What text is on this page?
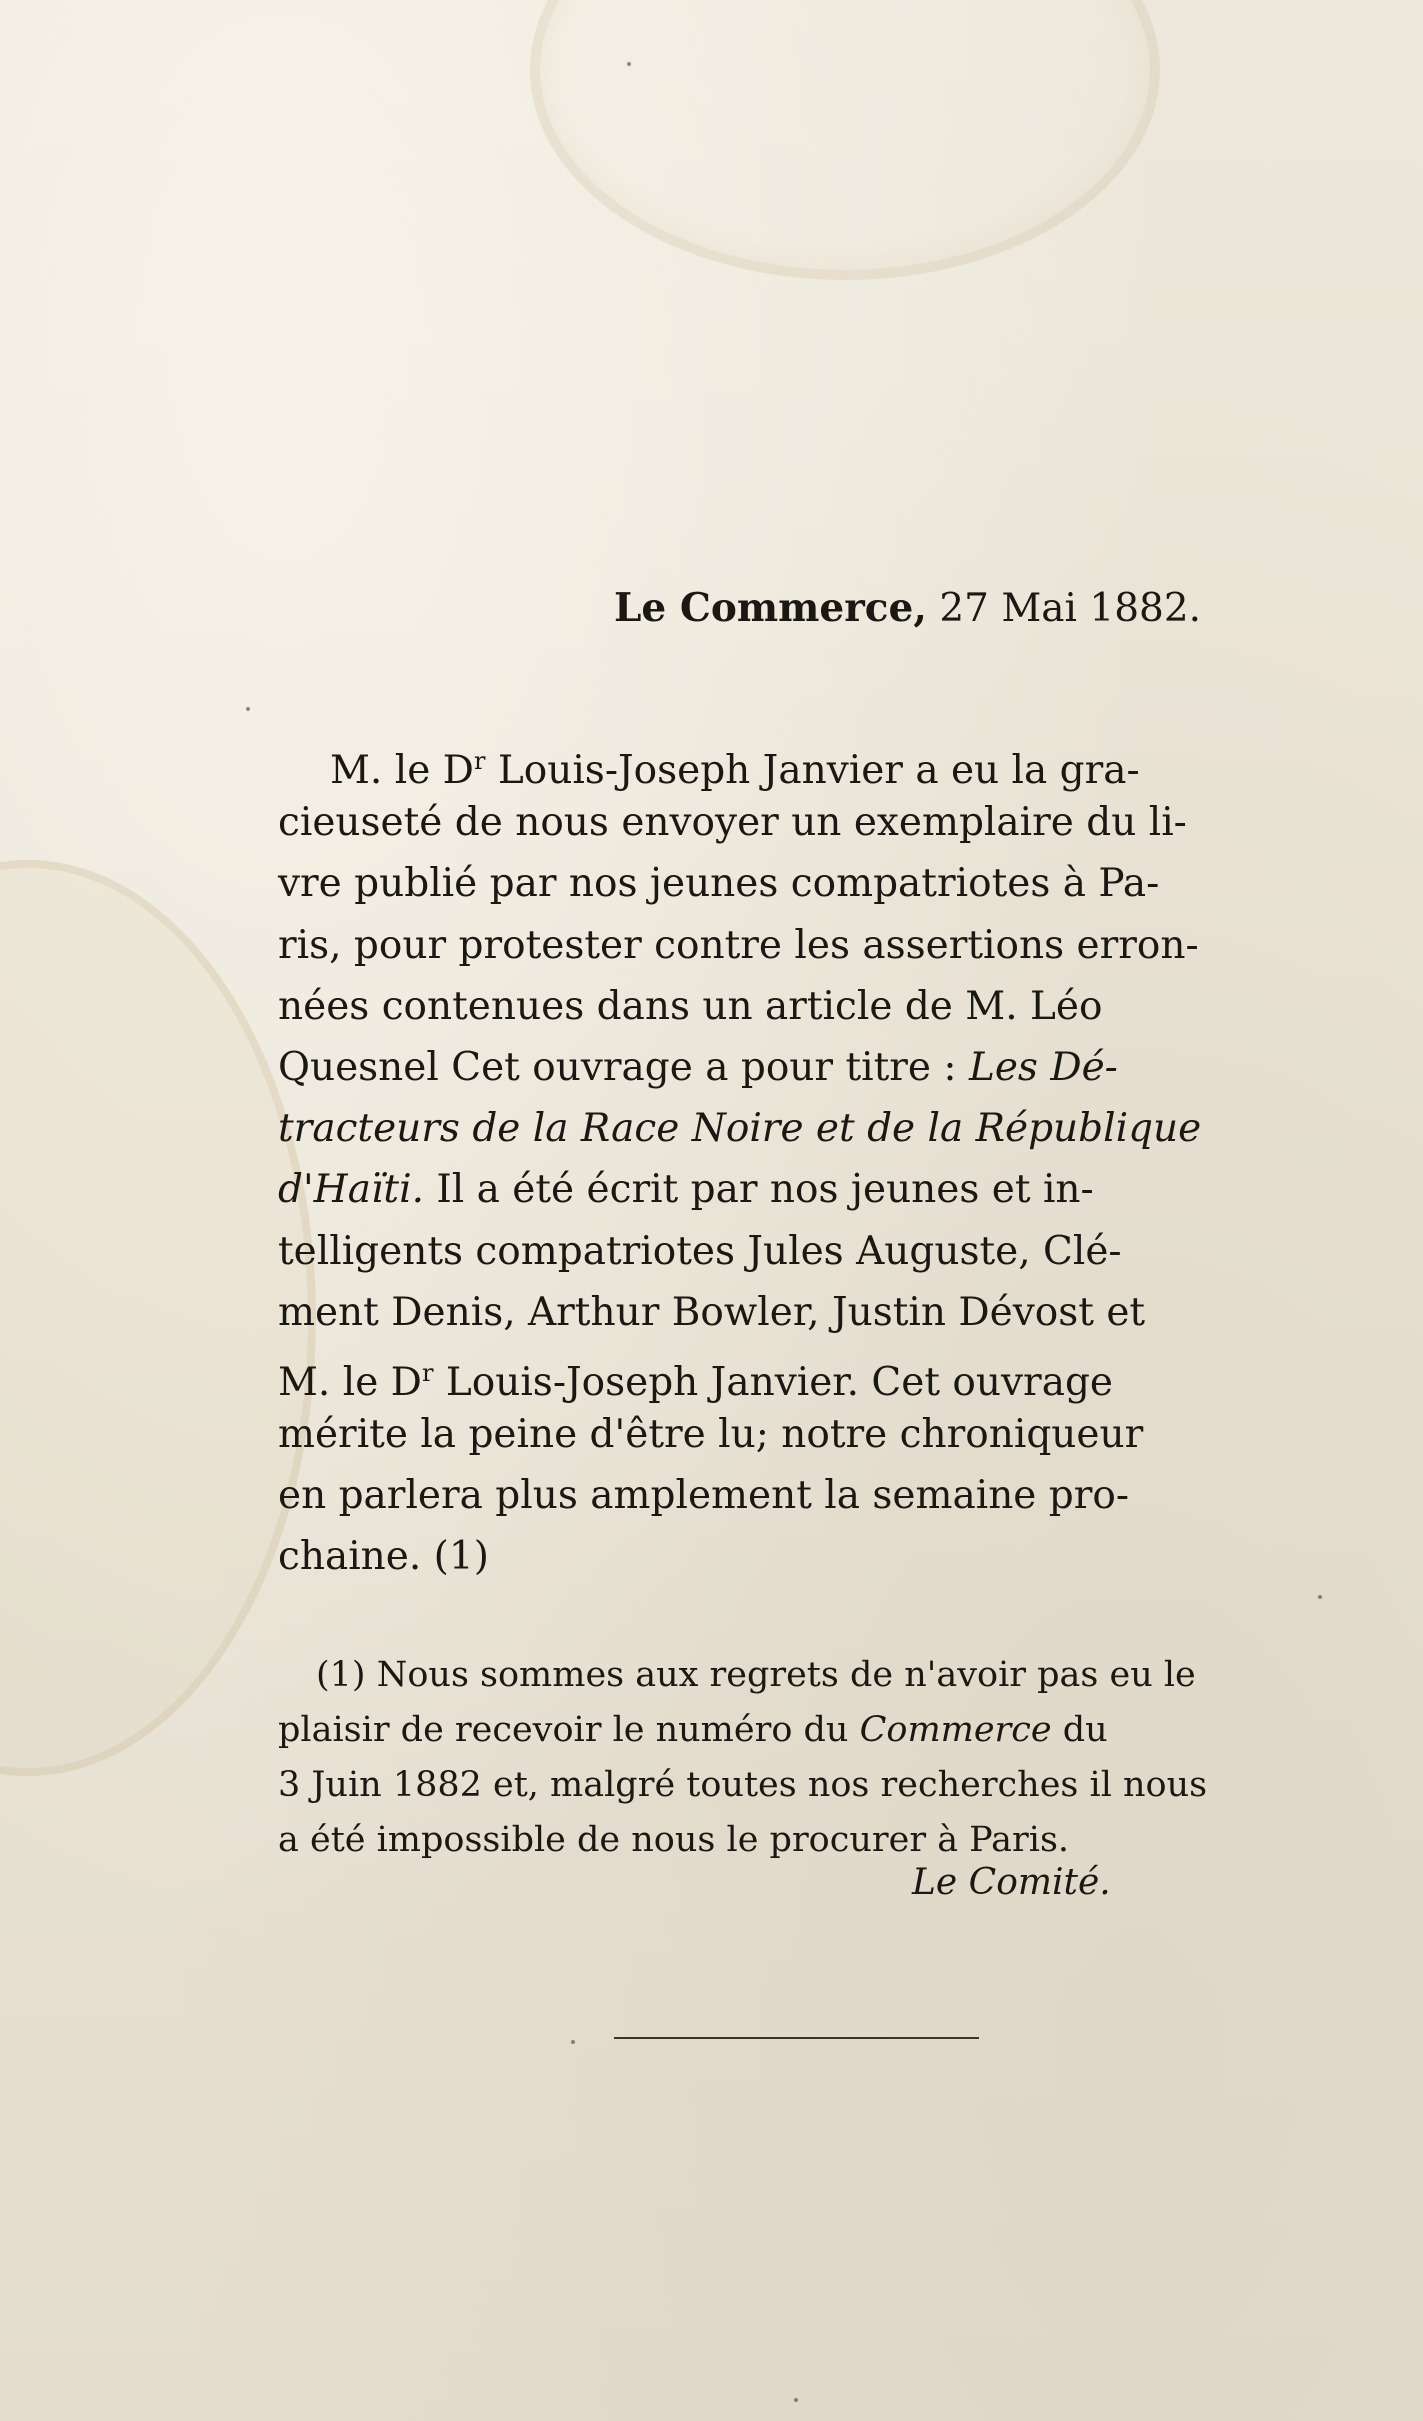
Le Commerce, 27 Mai 1882.
M. le $D^r$ Louis-Joseph Janvier a eu la gra-
cieuseté de nous envoyer un exemplaire du li-
vre publié par nos jeunes compatriotes à Pa-
ris, pour protester contre les assertions erron-
nées contenues dans un article de M. Léo
Quesnel Cet ouvrage a pour titre : Les Dé-
tracteurs de la Race Noire et de la République
d'Haïti. Il a été écrit par nos jeunes et in-
telligents compatriotes Jules Auguste, Clé-
ment Denis, Arthur Bowler, Justin Dévost et
M. le $D^r$ Louis-Joseph Janvier. Cet ouvrage
mérite la peine d'être lu; notre chroniqueur
en parlera plus amplement la semaine pro-
chaine. (1)
(1) Nous sommes aux regrets de n'avoir pas eu le
plaisir de recevoir le numéro du Commerce du
3 Juin 1882 et, malgré toutes nos recherches il nous
a été impossible de nous le procurer à Paris.
Le Comité.
